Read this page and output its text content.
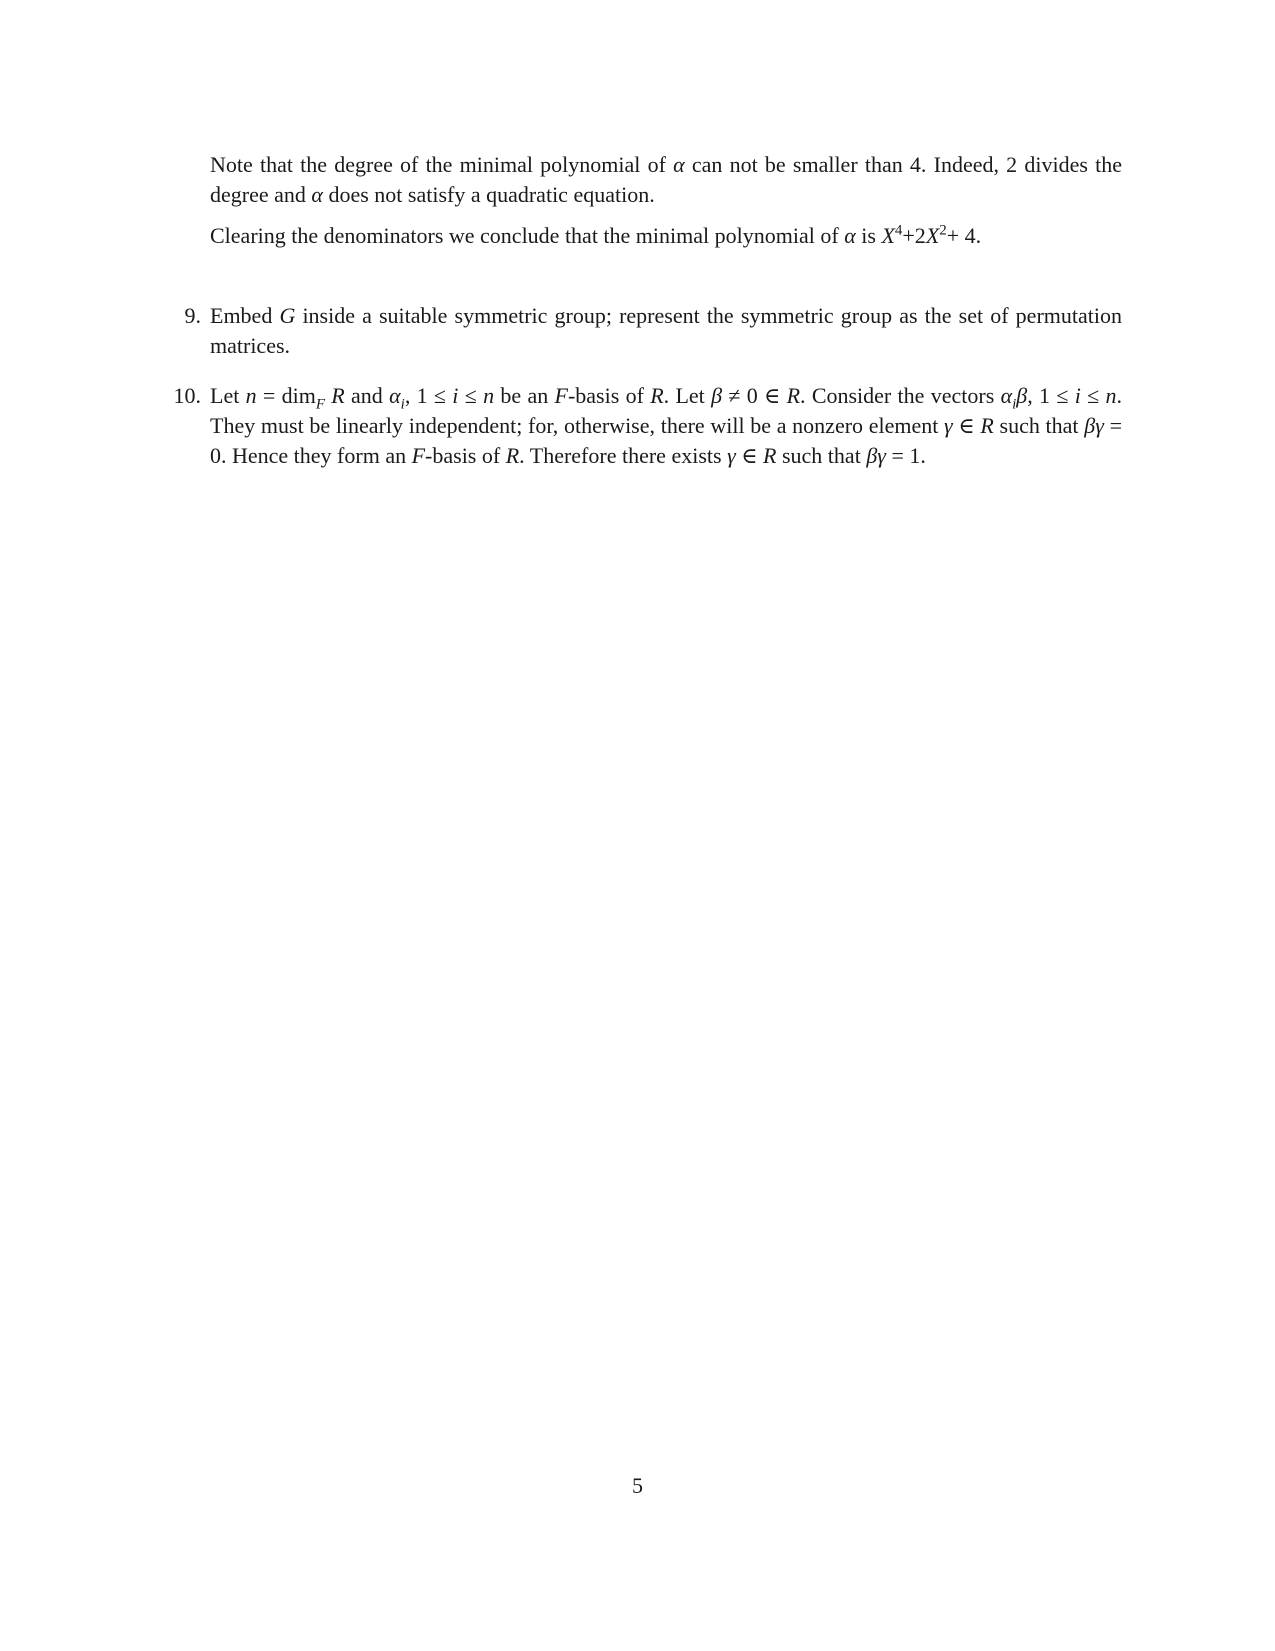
Note that the degree of the minimal polynomial of α can not be smaller than 4. Indeed, 2 divides the degree and α does not satisfy a quadratic equation.

Clearing the denominators we conclude that the minimal polynomial of α is $X^4+2X^2+ 4$.

9. Embed G inside a suitable symmetric group; represent the symmetric group as the set of permutation matrices.

10. Let n = dim$_F$ R and $\alpha_i$, 1 ≤ i ≤ n be an F-basis of R. Let β ≠ 0 ∈ R. Consider the vectors $\alpha_i\beta$, 1 ≤ i ≤ n. They must be linearly independent; for, otherwise, there will be a nonzero element γ ∈ R such that βγ = 0. Hence they form an F-basis of R. Therefore there exists γ ∈ R such that βγ = 1.

5
